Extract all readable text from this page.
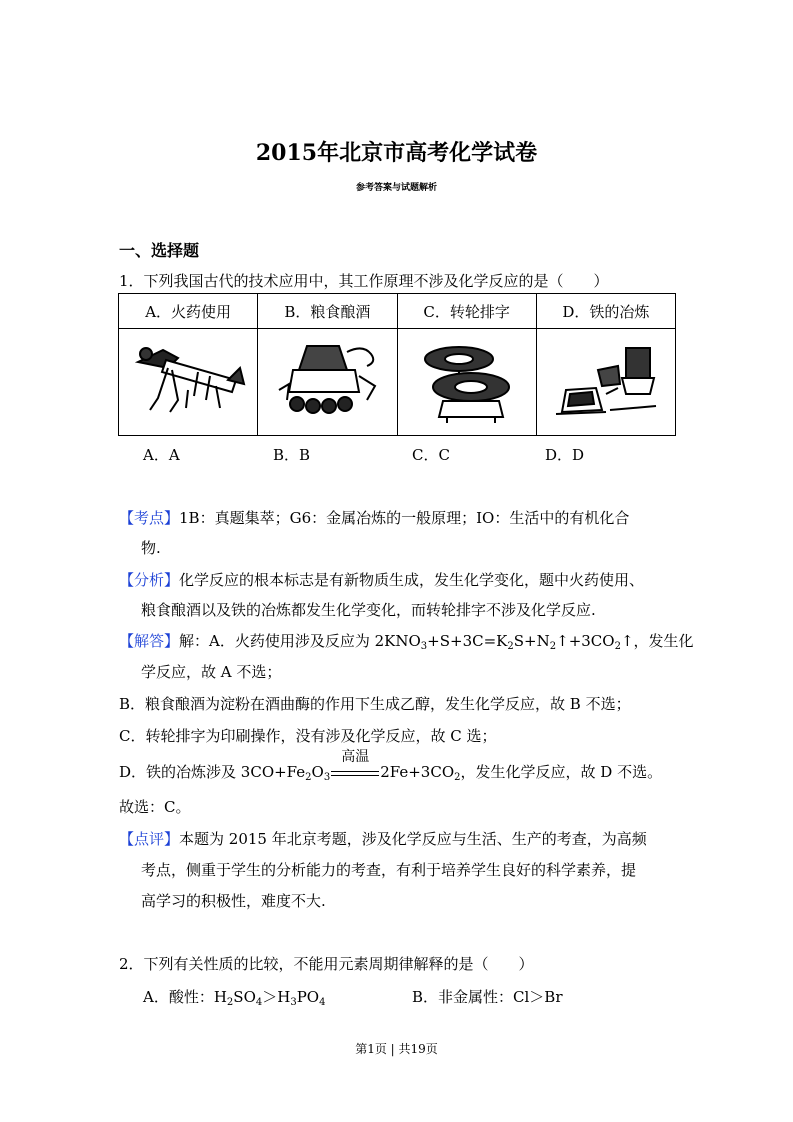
2015年北京市高考化学试卷
参考答案与试题解析
一、选择题
1．下列我国古代的技术应用中，其工作原理不涉及化学反应的是（　　）
A．火药使用	B．粮食酿酒	C．转轮排字	D．铁的冶炼

A．A	B．B	C．C	D．D
【考点】1B：真题集萃；G6：金属冶炼的一般原理；IO：生活中的有机化合
物.
【分析】化学反应的根本标志是有新物质生成，发生化学变化，题中火药使用、
粮食酿酒以及铁的冶炼都发生化学变化，而转轮排字不涉及化学反应.
【解答】解：A．火药使用涉及反应为 $2KNO_3+S+3C=K_2S+N_2↑+3CO_2↑$，发生化
学反应，故 A 不选；
B．粮食酿酒为淀粉在酒曲酶的作用下生成乙醇，发生化学反应，故 B 不选；
C．转轮排字为印刷操作，没有涉及化学反应，故 C 选；
D．铁的冶炼涉及 $3CO+Fe_2O_3$
高温
$2Fe+3CO_2$，发生化学反应，故 D 不选。
故选：C。
【点评】本题为 2015 年北京考题，涉及化学反应与生活、生产的考查，为高频
考点，侧重于学生的分析能力的考查，有利于培养学生良好的科学素养，提
高学习的积极性，难度不大.
2．下列有关性质的比较，不能用元素周期律解释的是（　　）
A．酸性：$H_2SO_4>H_3PO_4$	B．非金属性：Cl＞Br
第1页 | 共19页
